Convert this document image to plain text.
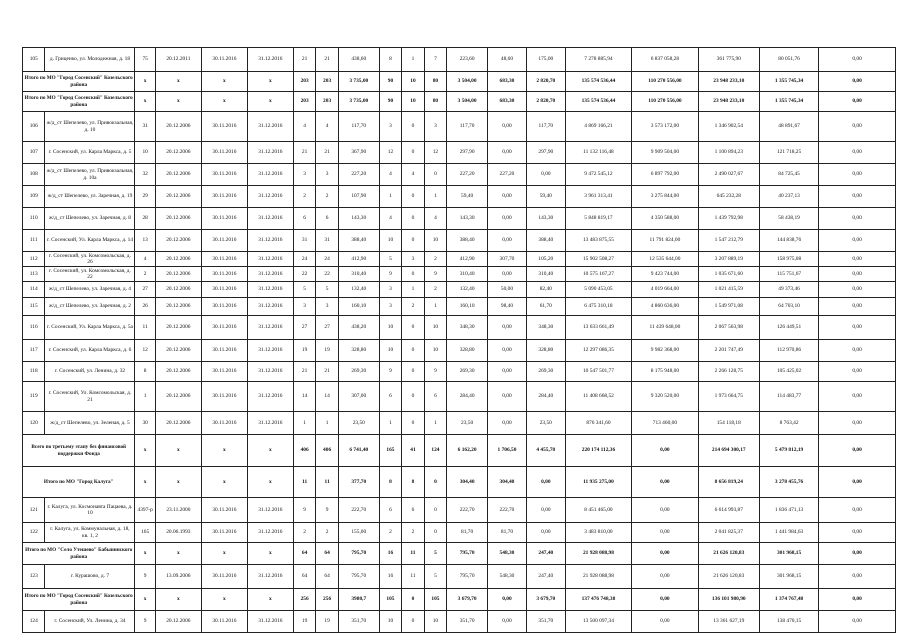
105	д. Гриценко, ул. Молодежная, д. 18	75	20.12.2011	30.11.2016	31.12.2016	21	21	438,60	8	1	7	223,60	48,60	175,00	7 278 885,94	6 837 058,28	361 775,90	80 051,76	0,00
Итого по МО "Город Сосенский" Козельского района		x	x	x	x	203	203	3 735,00	90	10	80	3 504,00	683,30	2 820,70	135 574 536,44	110 270 556,00	23 948 233,10	1 355 745,34	0,00
Итого по МО "Город Сосенский" Козельского района		x	x	x	x	203	203	3 735,00	90	10	80	3 504,00	683,30	2 820,70	135 574 536,44	110 270 556,00	23 948 233,10	1 355 745,34	0,00
106	ж/д_ст Шепелево, ул. Привокзальная, д. 10	31	20.12.2006	30.11.2016	31.12.2016	4	4	117,70	3	0	3	117,70	0,00	117,70	4 869 166,21	3 573 172,00	1 346 902,54	48 891,67	0,00
107	г. Сосенский, ул. Карла Маркса, д. 5	10	20.12.2006	30.11.2016	31.12.2016	21	21	367,90	12	0	12	297,90	0,00	297,90	11 132 116,48	9 909 504,00	1 100 894,23	121 718,25	0,00
108	ж/д_ст Шепелево, ул. Привокзальная, д. 10а	32	20.12.2006	30.11.2016	31.12.2016	3	3	227,20	4	4	0	227,20	227,20	0,00	9 472 545,12	6 897 792,00	2 490 027,67	84 725,45	0,00
109	ж/д_ст Шепелево, ул. Заречная, д. 19	29	20.12.2006	30.11.2016	31.12.2016	2	2	107,90	1	0	1	59,40	0,00	59,40	3 961 313,41	3 275 844,00	645 232,28	40 237,13	0,00
110	ж/д_ст Шепелево, ул. Заречная, д. 8	28	20.12.2006	30.11.2016	31.12.2016	6	6	143,30	4	0	4	143,30	0,00	143,30	5 848 819,17	4 350 588,00	1 439 792,98	58 438,19	0,00
111	г. Сосенский, Ул. Карла Маркса, д. 14	13	20.12.2006	30.11.2016	31.12.2016	31	31	388,40	10	0	10	388,40	0,00	388,40	13 483 875,55	11 791 824,00	1 547 212,79	144 838,76	0,00
112	г. Сосенский, ул. Комсомольская, д. 26	4	20.12.2006	30.11.2016	31.12.2016	24	24	412,90	5	3	2	412,90	307,70	105,20	15 902 508,27	12 535 644,00	3 207 889,19	158 975,08	0,00
113	г. Сосенский, ул. Комсомольская, д. 22	2	20.12.2006	30.11.2016	31.12.2016	22	22	310,40	9	0	9	310,40	0,00	310,40	10 575 167,27	9 423 744,00	1 035 671,60	115 751,67	0,00
114	ж/д_ст Шепелево, ул. Заречная, д. 4	27	20.12.2006	30.11.2016	31.12.2016	5	5	132,40	3	1	2	132,40	50,00	82,40	5 090 453,05	4 019 664,00	1 021 415,59	49 373,46	0,00
115	ж/д_ст Шепелево, ул. Заречная, д. 2	26	20.12.2006	30.11.2016	31.12.2016	3	3	160,10	3	2	1	160,10	98,40	61,70	6 475 310,18	4 860 636,00	1 549 971,08	64 703,10	0,00
116	г. Сосенский, Ул. Карла Маркса, д. 5а	11	20.12.2006	30.11.2016	31.12.2016	27	27	438,20	10	0	10	348,30	0,00	348,30	13 633 661,49	11 439 648,00	2 067 563,98	126 449,51	0,00
117	г. Сосенский, ул. Карла Маркса, д. 6	12	20.12.2006	30.11.2016	31.12.2016	19	19	328,80	10	0	10	328,80	0,00	328,80	12 297 086,35	9 982 368,00	2 201 747,49	112 970,86	0,00
118	г. Сосенский, ул. Ленина, д. 32	8	20.12.2006	30.11.2016	31.12.2016	21	21	269,30	9	0	9	269,30	0,00	269,30	10 547 501,77	8 175 948,00	2 266 128,75	105 425,02	0,00
119	г. Сосенский, Ул. Комсомольская, д. 21	1	20.12.2006	30.11.2016	31.12.2016	14	14	307,00	6	0	6	284,40	0,00	284,40	11 408 668,52	9 320 520,00	1 973 664,75	114 483,77	0,00
120	ж/д_ст Шепелево, ул. Зеленая, д. 5	30	20.12.2006	30.11.2016	31.12.2016	1	1	23,50	1	0	1	23,50	0,00	23,50	876 341,60	713 460,00	154 118,18	8 763,42	0,00
Всего по третьему этапу без финансовой поддержки Фонда		x	x	x	x	406	406	6 741,40	165	41	124	6 162,20	1 706,50	4 455,70	220 174 112,36	0,00	214 694 300,17	5 479 812,19	0,00
Итого по МО "Город Калуга"		x	x	x	x	11	11	377,70	8	8	0	304,40	304,40	0,00	11 935 275,00	0,00	8 656 819,24	3 278 455,76	0,00
121	г. Калуга, ул. Космонавта Пацаева, д. 10	4397-р	23.11.2000	30.11.2016	31.12.2016	9	9	222,70	6	6	0	222,70	222,70	0,00	8 451 465,00	0,00	6 614 993,87	1 836 471,13	0,00
122	г. Калуга, ул. Коммунальная, д. 18, кв. 1, 2	165	20.06.1993	30.11.2016	31.12.2016	2	2	155,00	2	2	0	81,70	81,70	0,00	3 483 810,00	0,00	2 041 825,37	1 441 984,63	0,00
Итого по МО "Село Утешево" Бабынинского района		x	x	x	x	64	64	795,70	16	11	5	795,70	548,30	247,40	21 928 088,98	0,00	21 626 120,83	301 968,15	0,00
123	г. Курашово, д. 7	9	13.09.2006	30.11.2016	31.12.2016	64	64	795,70	16	11	5	795,70	548,30	247,40	21 928 088,98	0,00	21 626 120,83	301 968,15	0,00
Итого по МО "Город Сосенский" Козельского района		x	x	x	x	256	256	3980,7	105	0	105	3 679,70	0,00	3 679,70	137 476 748,38	0,00	136 101 980,90	1 374 767,48	0,00
124	г. Сосенский, Ул. Ленина, д. 34	9	20.12.2006	30.11.2016	31.12.2016	19	19	351,70	10	0	10	351,70	0,00	351,70	13 500 097,34	0,00	13 361 627,19	138 470,15	0,00
